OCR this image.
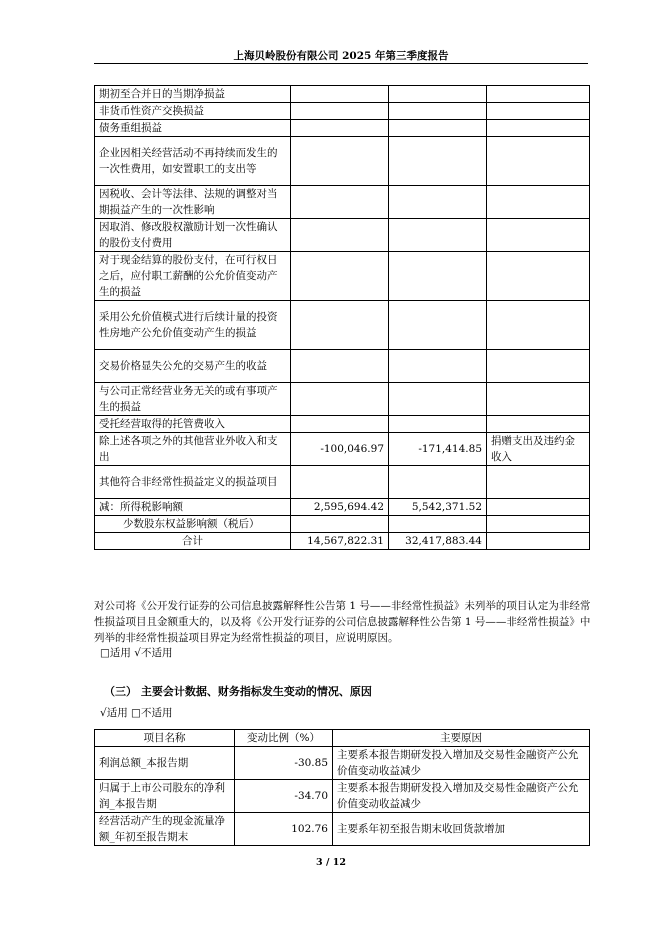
上海贝岭股份有限公司 2025 年第三季度报告
期初至合并日的当期净损益			
非货币性资产交换损益			
债务重组损益			
企业因相关经营活动不再持续而发生的一次性费用，如安置职工的支出等			
因税收、会计等法律、法规的调整对当期损益产生的一次性影响			
因取消、修改股权激励计划一次性确认的股份支付费用			
对于现金结算的股份支付，在可行权日之后，应付职工薪酬的公允价值变动产生的损益			
采用公允价值模式进行后续计量的投资性房地产公允价值变动产生的损益			
交易价格显失公允的交易产生的收益			
与公司正常经营业务无关的或有事项产生的损益			
受托经营取得的托管费收入			
除上述各项之外的其他营业外收入和支出	-100,046.97	-171,414.85	捐赠支出及违约金收入
其他符合非经常性损益定义的损益项目			
减：所得税影响额	2,595,694.42	5,542,371.52	
少数股东权益影响额（税后）			
合计	14,567,822.31	32,417,883.44	
对公司将《公开发行证券的公司信息披露解释性公告第 1 号——非经常性损益》未列举的项目认定为非经常性损益项目且金额重大的，以及将《公开发行证券的公司信息披露解释性公告第 1 号——非经常性损益》中列举的非经常性损益项目界定为经常性损益的项目，应说明原因。
□适用 √不适用
（三） 主要会计数据、财务指标发生变动的情况、原因
√适用 □不适用
项目名称	变动比例（%）	主要原因
利润总额_本报告期	-30.85	主要系本报告期研发投入增加及交易性金融资产公允价值变动收益减少
归属于上市公司股东的净利润_本报告期	-34.70	主要系本报告期研发投入增加及交易性金融资产公允价值变动收益减少
经营活动产生的现金流量净额_年初至报告期末	102.76	主要系年初至报告期末收回货款增加
3 / 12
